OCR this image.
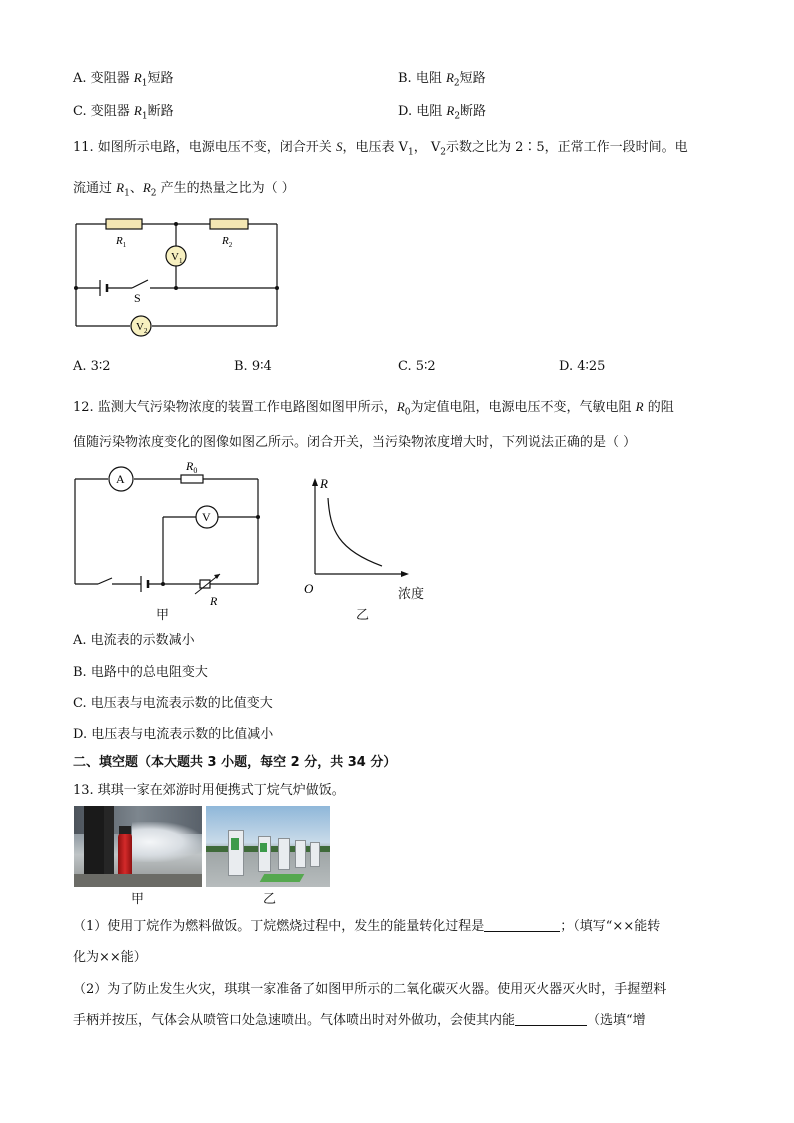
A. 变阻器 $R_1$短路	B. 电阻 $R_2$短路
C. 变阻器 $R_1$断路	D. 电阻 $R_2$断路
11. 如图所示电路，电源电压不变，闭合开关 S，电压表 $V_1$， $V_2$示数之比为 2∶5，正常工作一段时间。电
流通过 $R_1$、$R_2$ 产生的热量之比为（ ）
$V_1$
$V_2$
$R_1$	$R_2$
S
A. 3∶2	B. 9∶4	C. 5∶2	D. 4∶25
12. 监测大气污染物浓度的装置工作电路图如图甲所示，$R_0$为定值电阻，电源电压不变，气敏电阻 R 的阻
值随污染物浓度变化的图像如图乙所示。闭合开关，当污染物浓度增大时，下列说法正确的是（ ）
A
$R_0$
V
R
甲
R
O	浓度
乙
A. 电流表的示数减小
B. 电路中的总电阻变大
C. 电压表与电流表示数的比值变大
D. 电压表与电流表示数的比值减小
二、填空题（本大题共 3 小题，每空 2 分，共 34 分）
13. 琪琪一家在郊游时用便携式丁烷气炉做饭。
甲	乙
（1）使用丁烷作为燃料做饭。丁烷燃烧过程中，发生的能量转化过程是	；（填写“××能转
化为××能）
（2）为了防止发生火灾，琪琪一家准备了如图甲所示的二氧化碳灭火器。使用灭火器灭火时，手握塑料
手柄并按压，气体会从喷管口处急速喷出。气体喷出时对外做功，会使其内能	（选填“增
